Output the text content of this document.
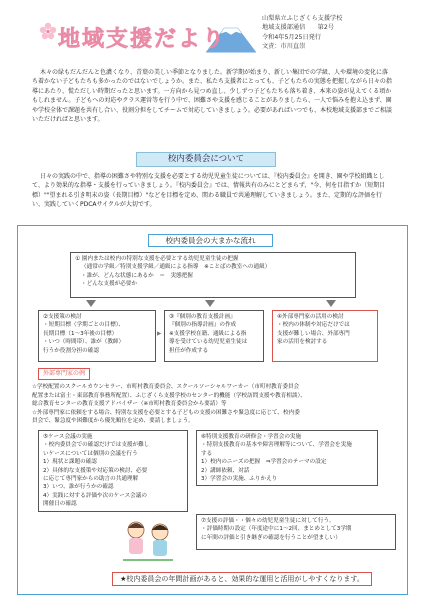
地域支援だより
山梨県立ふじざくら支援学校
地域支援部通信　　第2号
令和4年5月25日発行
文責：市川直崇
木々の緑もだんだんと色濃くなり、青葉の美しい季節となりました。新学期が始まり、新しい集団での学級、人や環境の変化に落ち着かない子どもたちも多かったのではないでしょうか。また、私たち支援者にとっても、子どもたちの実態を把握しながら日々の指導にあたり、慌ただしい時期だったと思います。一方向から見つめ直し、少しずつ子どもたちも落ち着き、本来の姿が見えてくる頃かもしれません。子どもへの対応やクラス運営等を行う中で、困難さや支援を感じることがありましたら、一人で悩みを抱え込まず、園や学校全体で課題を共有し合い、役割分担をしてチームで対応していきましょう。必要があればいつでも、本校地域支援部までご相談いただければと思います。
校内委員会について
日々の実践の中で、指導の困難さや特別な支援を必要とする幼児児童生徒については、『校内委員会』を開き、園や学校組織として、より効果的な指導・支援を行っていきましょう。『校内委員会』では、情報共有のみにとどまらず、"今、何を目指すか（短期目標）""望まれる引き明末の姿（長期目標）"などを目標を定め、関わる職員で共通理解していきましょう。また、定期的な評価を行い、実践していくPDCAサイクルが大切です。
校内委員会の大まかな流れ
① 園内または校内の特別な支援を必要とする幼児児童生徒の把握
（通常の学級／特別支援学級／通級による指導　※ことばの教室への通級）
・誰が、どんな状態にあるか　＝　実態把握
・どんな支援が必要か
②支援策の検討
・短期目標（学期ごとの目標）、
長期目標（1〜3年後の目標）
・いつ（時間帯）、誰が（教師）
行うか役割分担の確認
▶
③『個別の教育支援計画』
『個別の指導計画』の作成
※支援学校在籍、通級による指
導を受けている幼児児童生徒は
担任が作成する
④外部専門家の活用の検討
・校内の体制や対応だけでは
支援が難しい場合、外部専門
家の活用を検討する
外部専門家の例
☆学校配置のスクールカウンセラー、市町村教育委員会、スクールソーシャルワーカー（市町村教育委員会
配置または富士・東部教育事務所配置）、ふじざくら支援学校のセンター的機能（学校訪問支援や教育相談）、
総合教育センターの教育支援アドバイザー（※市町村教育委員会から要請）等
☆外部専門家に依頼をする場合、特別な支援を必要とする子どもの支援の困難さや緊急度に応じて、校内委
員会で、緊急度や困難度から優先順位を定め、要請しましょう。
⑤ケース会議の実施
・校内委員会での確認だけでは支援が難し
いケースについては個別の会議を行う
1）現状と課題の確認
2）具体的な支援策や対応策の検討、必要
に応じて専門家からの助言の共通理解
3）いつ、誰が行うかの確認
4）実践に対する評価や次のケース会議の
開催日の確認
⑥特別支援教育の研修会・学習会の実施
・特別支援教育の基本や障害理解等について、学習会を実施
する
1）校内のニーズの把握　⇒学習会のテーマの設定
2）講師依頼、対話
3）学習会の実施、ふりかえり
⑦支援の評価・・個々の幼児児童生徒に対して行う。
・評価時期の設定（年度途中に1〜2回、まとめとして3学期
に年間の評価と引き継ぎの確認を行うことが望ましい）
★校内委員会の年間計画があると、効果的な運用と活用がしやすくなります。
